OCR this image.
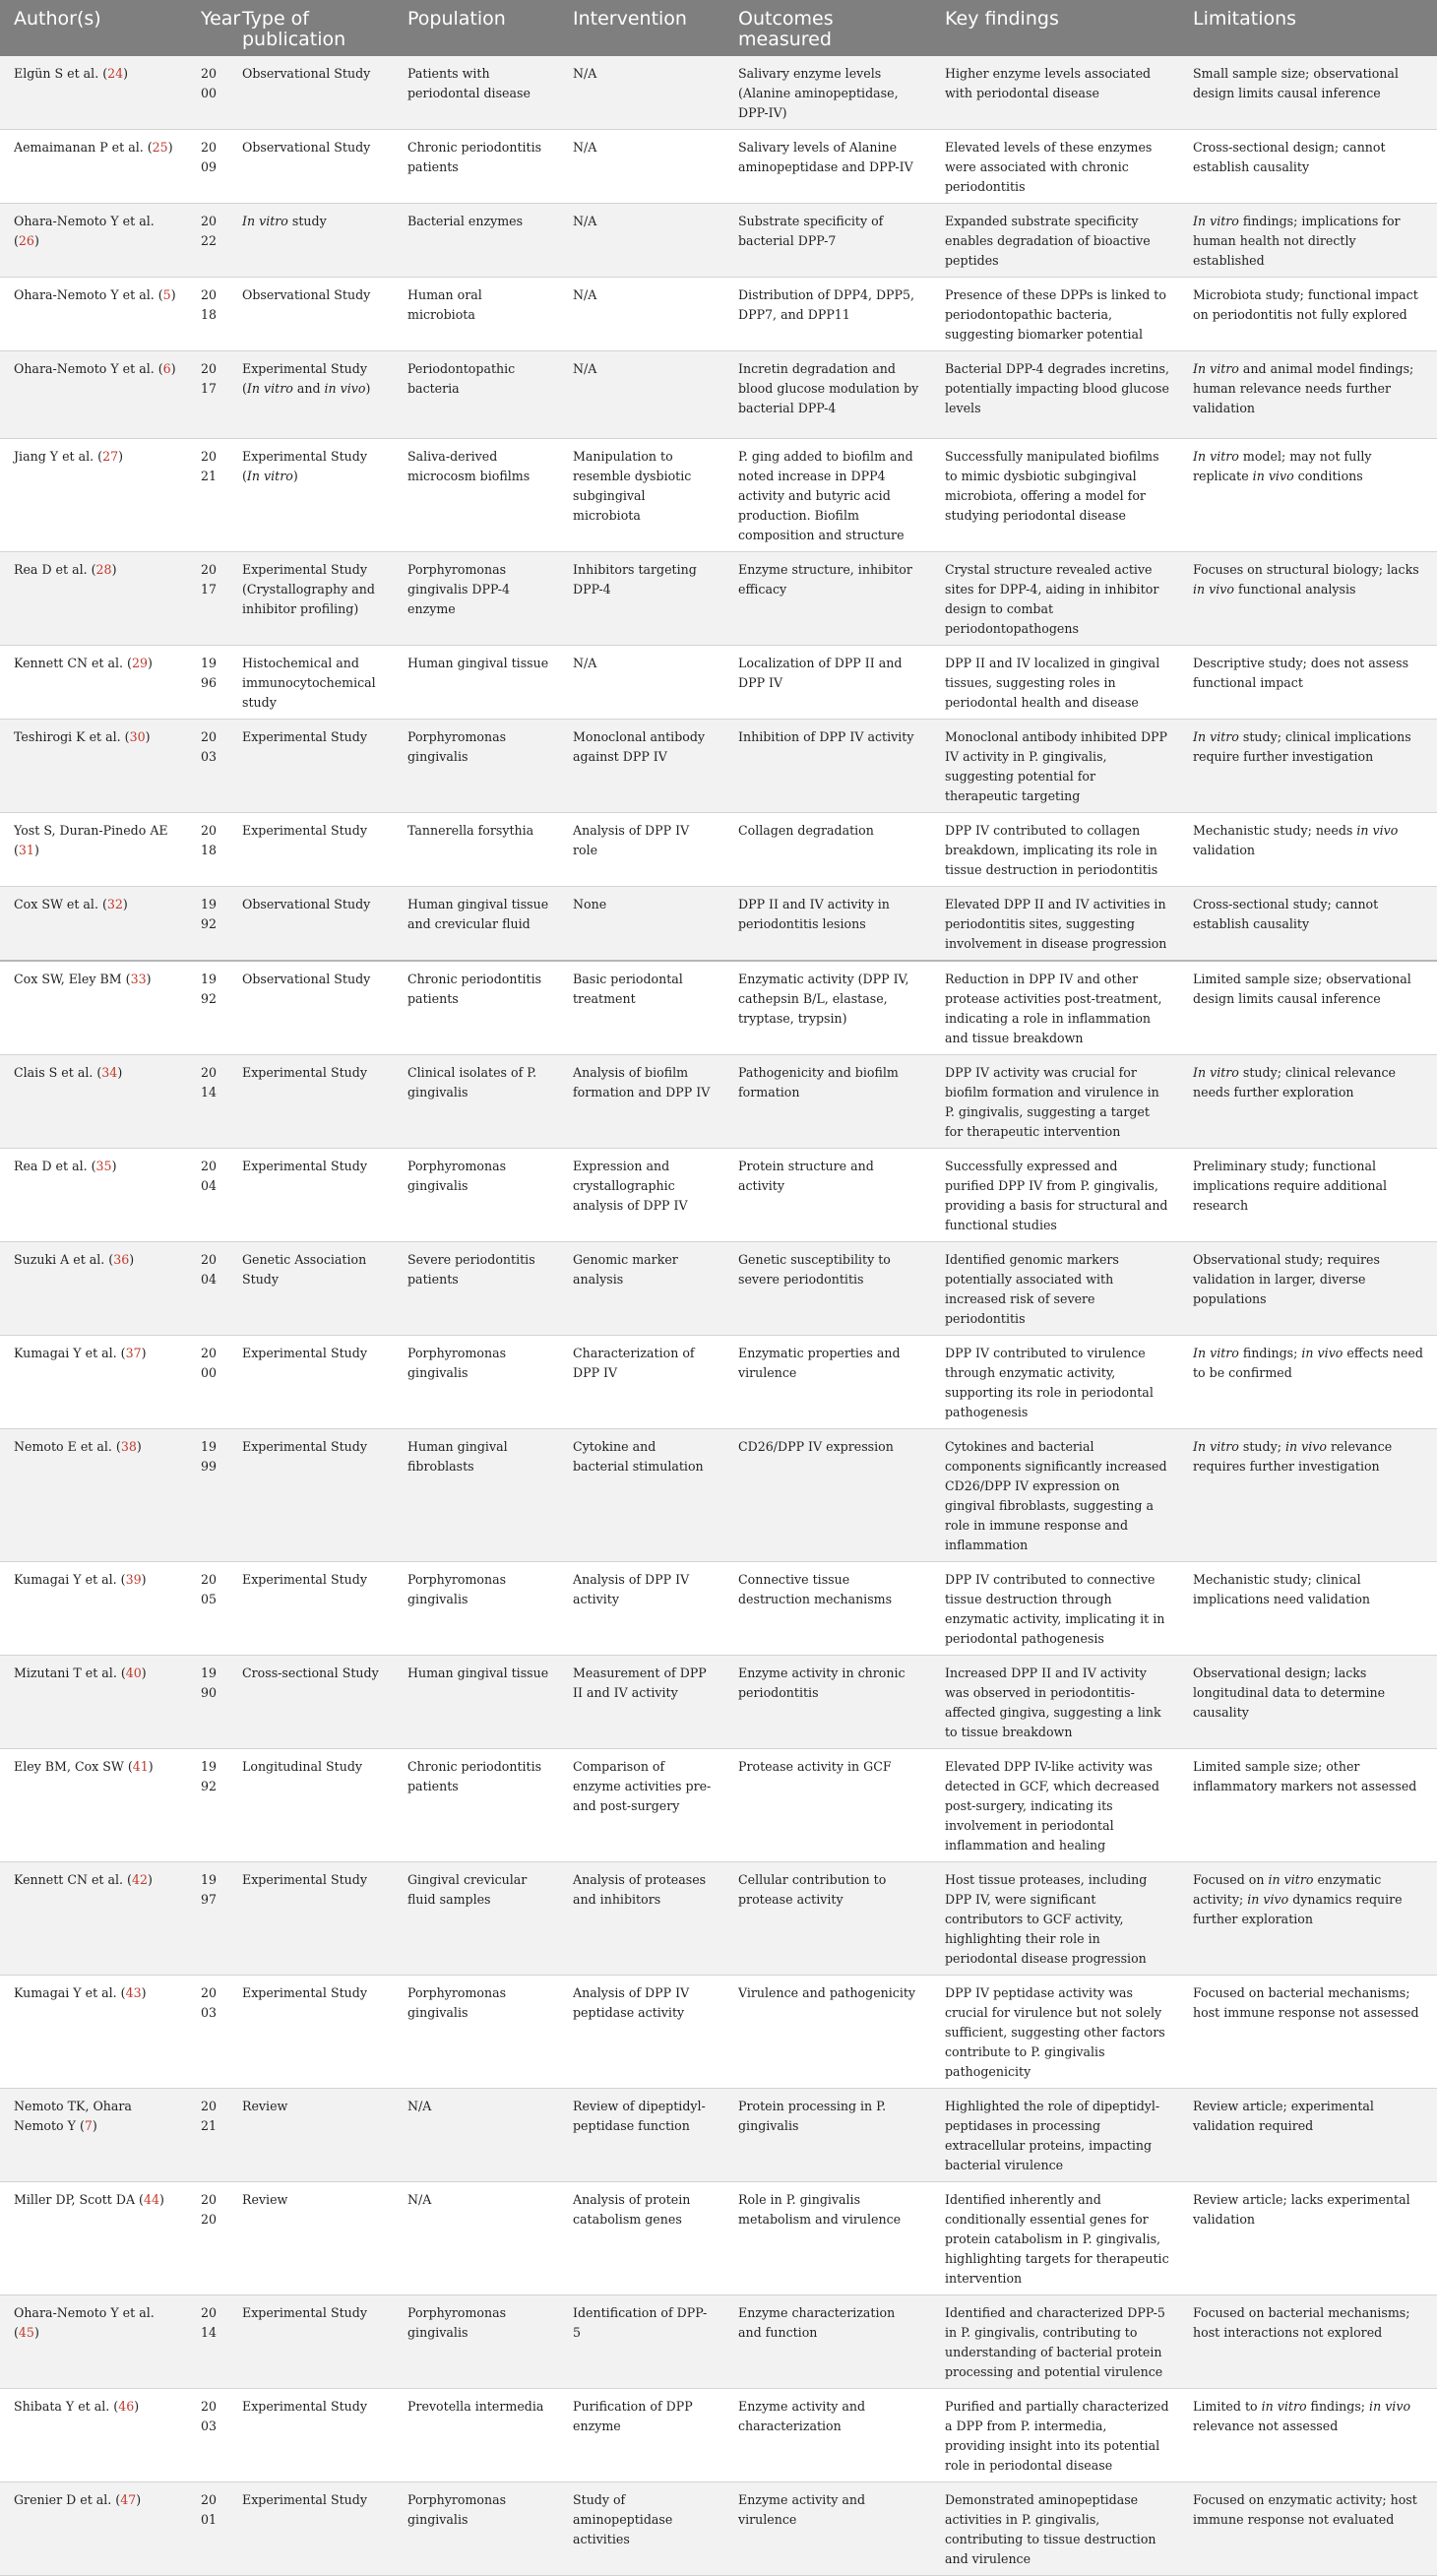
Author(s)	Year	Type of publication	Population	Intervention	Outcomes measured	Key findings	Limitations
Elgün S et al. (24)	2000	Observational Study	Patients with periodontal disease	N/A	Salivary enzyme levels (Alanine aminopeptidase, DPP-IV)	Higher enzyme levels associated with periodontal disease	Small sample size; observational design limits causal inference
Aemaimanan P et al. (25)	2009	Observational Study	Chronic periodontitis patients	N/A	Salivary levels of Alanine aminopeptidase and DPP-IV	Elevated levels of these enzymes were associated with chronic periodontitis	Cross-sectional design; cannot establish causality
Ohara-Nemoto Y et al. (26)	2022	In vitro study	Bacterial enzymes	N/A	Substrate specificity of bacterial DPP-7	Expanded substrate specificity enables degradation of bioactive peptides	In vitro findings; implications for human health not directly established
Ohara-Nemoto Y et al. (5)	2018	Observational Study	Human oral microbiota	N/A	Distribution of DPP4, DPP5, DPP7, and DPP11	Presence of these DPPs is linked to periodontopathic bacteria, suggesting biomarker potential	Microbiota study; functional impact on periodontitis not fully explored
Ohara-Nemoto Y et al. (6)	2017	Experimental Study (In vitro and in vivo)	Periodontopathic bacteria	N/A	Incretin degradation and blood glucose modulation by bacterial DPP-4	Bacterial DPP-4 degrades incretins, potentially impacting blood glucose levels	In vitro and animal model findings; human relevance needs further validation
Jiang Y et al. (27)	2021	Experimental Study (In vitro)	Saliva-derived microcosm biofilms	Manipulation to resemble dysbiotic subgingival microbiota	P. ging added to biofilm and noted increase in DPP4 activity and butyric acid production. Biofilm composition and structure	Successfully manipulated biofilms to mimic dysbiotic subgingival microbiota, offering a model for studying periodontal disease	In vitro model; may not fully replicate in vivo conditions
Rea D et al. (28)	2017	Experimental Study (Crystallography and inhibitor profiling)	Porphyromonas gingivalis DPP-4 enzyme	Inhibitors targeting DPP-4	Enzyme structure, inhibitor efficacy	Crystal structure revealed active sites for DPP-4, aiding in inhibitor design to combat periodontopathogens	Focuses on structural biology; lacks in vivo functional analysis
Kennett CN et al. (29)	1996	Histochemical and immunocytochemical study	Human gingival tissue	N/A	Localization of DPP II and DPP IV	DPP II and IV localized in gingival tissues, suggesting roles in periodontal health and disease	Descriptive study; does not assess functional impact
Teshirogi K et al. (30)	2003	Experimental Study	Porphyromonas gingivalis	Monoclonal antibody against DPP IV	Inhibition of DPP IV activity	Monoclonal antibody inhibited DPP IV activity in P. gingivalis, suggesting potential for therapeutic targeting	In vitro study; clinical implications require further investigation
Yost S, Duran-Pinedo AE (31)	2018	Experimental Study	Tannerella forsythia	Analysis of DPP IV role	Collagen degradation	DPP IV contributed to collagen breakdown, implicating its role in tissue destruction in periodontitis	Mechanistic study; needs in vivo validation
Cox SW et al. (32)	1992	Observational Study	Human gingival tissue and crevicular fluid	None	DPP II and IV activity in periodontitis lesions	Elevated DPP II and IV activities in periodontitis sites, suggesting involvement in disease progression	Cross-sectional study; cannot establish causality
Cox SW, Eley BM (33)	1992	Observational Study	Chronic periodontitis patients	Basic periodontal treatment	Enzymatic activity (DPP IV, cathepsin B/L, elastase, tryptase, trypsin)	Reduction in DPP IV and other protease activities post-treatment, indicating a role in inflammation and tissue breakdown	Limited sample size; observational design limits causal inference
Clais S et al. (34)	2014	Experimental Study	Clinical isolates of P. gingivalis	Analysis of biofilm formation and DPP IV	Pathogenicity and biofilm formation	DPP IV activity was crucial for biofilm formation and virulence in P. gingivalis, suggesting a target for therapeutic intervention	In vitro study; clinical relevance needs further exploration
Rea D et al. (35)	2004	Experimental Study	Porphyromonas gingivalis	Expression and crystallographic analysis of DPP IV	Protein structure and activity	Successfully expressed and purified DPP IV from P. gingivalis, providing a basis for structural and functional studies	Preliminary study; functional implications require additional research
Suzuki A et al. (36)	2004	Genetic Association Study	Severe periodontitis patients	Genomic marker analysis	Genetic susceptibility to severe periodontitis	Identified genomic markers potentially associated with increased risk of severe periodontitis	Observational study; requires validation in larger, diverse populations
Kumagai Y et al. (37)	2000	Experimental Study	Porphyromonas gingivalis	Characterization of DPP IV	Enzymatic properties and virulence	DPP IV contributed to virulence through enzymatic activity, supporting its role in periodontal pathogenesis	In vitro findings; in vivo effects need to be confirmed
Nemoto E et al. (38)	1999	Experimental Study	Human gingival fibroblasts	Cytokine and bacterial stimulation	CD26/DPP IV expression	Cytokines and bacterial components significantly increased CD26/DPP IV expression on gingival fibroblasts, suggesting a role in immune response and inflammation	In vitro study; in vivo relevance requires further investigation
Kumagai Y et al. (39)	2005	Experimental Study	Porphyromonas gingivalis	Analysis of DPP IV activity	Connective tissue destruction mechanisms	DPP IV contributed to connective tissue destruction through enzymatic activity, implicating it in periodontal pathogenesis	Mechanistic study; clinical implications need validation
Mizutani T et al. (40)	1990	Cross-sectional Study	Human gingival tissue	Measurement of DPP II and IV activity	Enzyme activity in chronic periodontitis	Increased DPP II and IV activity was observed in periodontitis-affected gingiva, suggesting a link to tissue breakdown	Observational design; lacks longitudinal data to determine causality
Eley BM, Cox SW (41)	1992	Longitudinal Study	Chronic periodontitis patients	Comparison of enzyme activities pre- and post-surgery	Protease activity in GCF	Elevated DPP IV-like activity was detected in GCF, which decreased post-surgery, indicating its involvement in periodontal inflammation and healing	Limited sample size; other inflammatory markers not assessed
Kennett CN et al. (42)	1997	Experimental Study	Gingival crevicular fluid samples	Analysis of proteases and inhibitors	Cellular contribution to protease activity	Host tissue proteases, including DPP IV, were significant contributors to GCF activity, highlighting their role in periodontal disease progression	Focused on in vitro enzymatic activity; in vivo dynamics require further exploration
Kumagai Y et al. (43)	2003	Experimental Study	Porphyromonas gingivalis	Analysis of DPP IV peptidase activity	Virulence and pathogenicity	DPP IV peptidase activity was crucial for virulence but not solely sufficient, suggesting other factors contribute to P. gingivalis pathogenicity	Focused on bacterial mechanisms; host immune response not assessed
Nemoto TK, Ohara Nemoto Y (7)	2021	Review	N/A	Review of dipeptidyl-peptidase function	Protein processing in P. gingivalis	Highlighted the role of dipeptidyl-peptidases in processing extracellular proteins, impacting bacterial virulence	Review article; experimental validation required
Miller DP, Scott DA (44)	2020	Review	N/A	Analysis of protein catabolism genes	Role in P. gingivalis metabolism and virulence	Identified inherently and conditionally essential genes for protein catabolism in P. gingivalis, highlighting targets for therapeutic intervention	Review article; lacks experimental validation
Ohara-Nemoto Y et al. (45)	2014	Experimental Study	Porphyromonas gingivalis	Identification of DPP-5	Enzyme characterization and function	Identified and characterized DPP-5 in P. gingivalis, contributing to understanding of bacterial protein processing and potential virulence	Focused on bacterial mechanisms; host interactions not explored
Shibata Y et al. (46)	2003	Experimental Study	Prevotella intermedia	Purification of DPP enzyme	Enzyme activity and characterization	Purified and partially characterized a DPP from P. intermedia, providing insight into its potential role in periodontal disease	Limited to in vitro findings; in vivo relevance not assessed
Grenier D et al. (47)	2001	Experimental Study	Porphyromonas gingivalis	Study of aminopeptidase activities	Enzyme activity and virulence	Demonstrated aminopeptidase activities in P. gingivalis, contributing to tissue destruction and virulence	Focused on enzymatic activity; host immune response not evaluated
